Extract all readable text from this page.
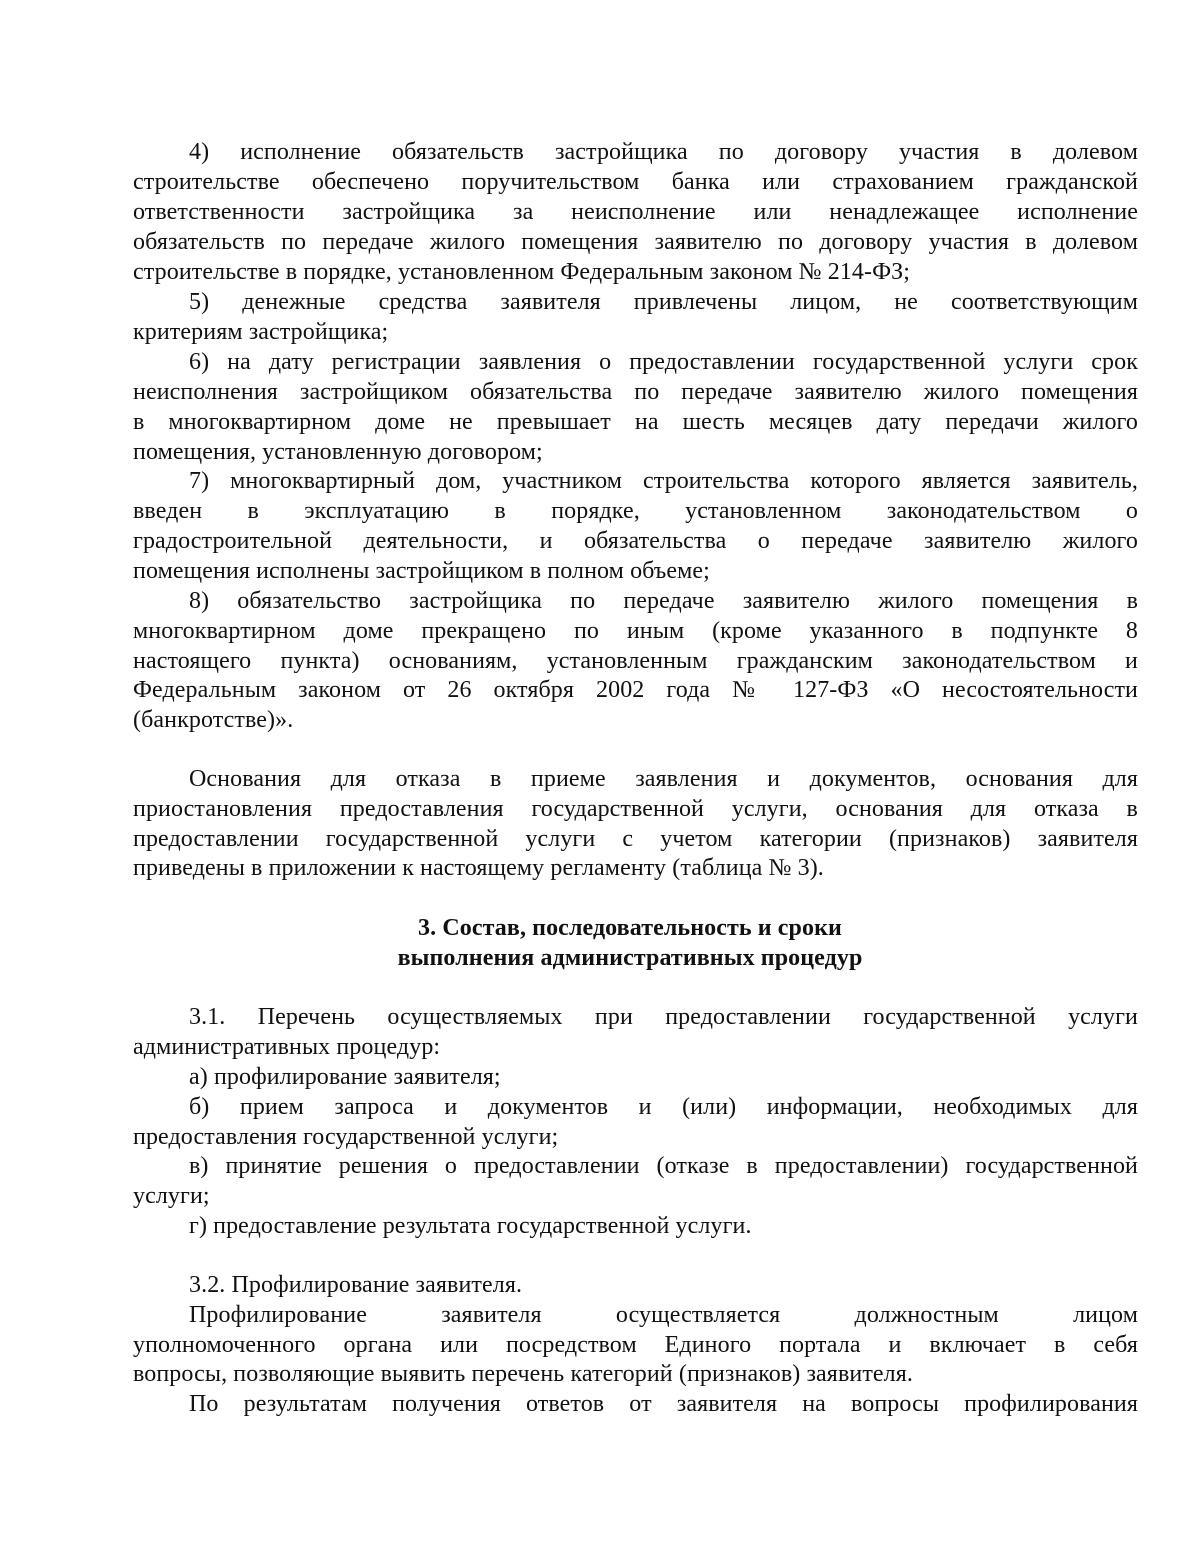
4) исполнение обязательств застройщика по договору участия в долевом
строительстве обеспечено поручительством банка или страхованием гражданской
ответственности застройщика за неисполнение или ненадлежащее исполнение
обязательств по передаче жилого помещения заявителю по договору участия в долевом
строительстве в порядке, установленном Федеральным законом № 214-ФЗ;
5) денежные средства заявителя привлечены лицом, не соответствующим
критериям застройщика;
6) на дату регистрации заявления о предоставлении государственной услуги срок
неисполнения застройщиком обязательства по передаче заявителю жилого помещения
в многоквартирном доме не превышает на шесть месяцев дату передачи жилого
помещения, установленную договором;
7) многоквартирный дом, участником строительства которого является заявитель,
введен в эксплуатацию в порядке, установленном законодательством о
градостроительной деятельности, и обязательства о передаче заявителю жилого
помещения исполнены застройщиком в полном объеме;
8) обязательство застройщика по передаче заявителю жилого помещения в
многоквартирном доме прекращено по иным (кроме указанного в подпункте 8
настоящего пункта) основаниям, установленным гражданским законодательством и
Федеральным законом от 26 октября 2002 года № 127-ФЗ «О несостоятельности
(банкротстве)».
Основания для отказа в приеме заявления и документов, основания для
приостановления предоставления государственной услуги, основания для отказа в
предоставлении государственной услуги с учетом категории (признаков) заявителя
приведены в приложении к настоящему регламенту (таблица № 3).
3. Состав, последовательность и сроки
выполнения административных процедур
3.1. Перечень осуществляемых при предоставлении государственной услуги
административных процедур:
а) профилирование заявителя;
б) прием запроса и документов и (или) информации, необходимых для
предоставления государственной услуги;
в) принятие решения о предоставлении (отказе в предоставлении) государственной
услуги;
г) предоставление результата государственной услуги.
3.2. Профилирование заявителя.
Профилирование заявителя осуществляется должностным лицом
уполномоченного органа или посредством Единого портала и включает в себя
вопросы, позволяющие выявить перечень категорий (признаков) заявителя.
По результатам получения ответов от заявителя на вопросы профилирования
